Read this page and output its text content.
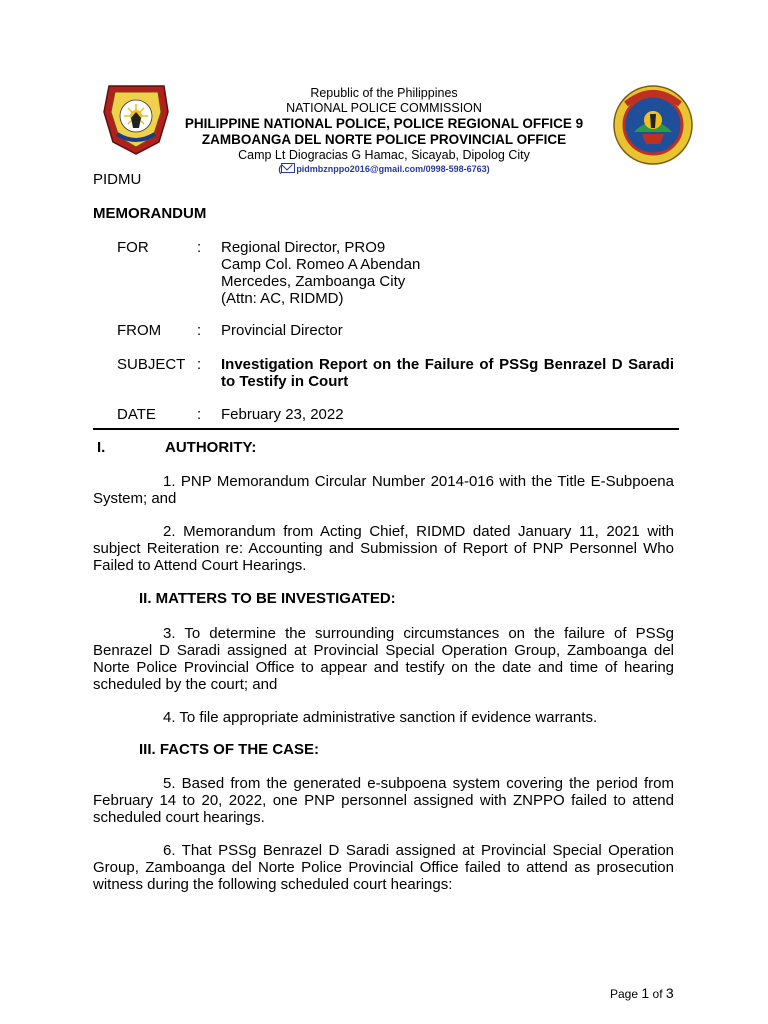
Republic of the Philippines
NATIONAL POLICE COMMISSION
PHILIPPINE NATIONAL POLICE, POLICE REGIONAL OFFICE 9
ZAMBOANGA DEL NORTE POLICE PROVINCIAL OFFICE
Camp Lt Diogracias G Hamac, Sicayab, Dipolog City
( pidmbznppo2016@gmail.com/0998-598-6763)
PIDMU
MEMORANDUM
FOR	: Regional Director, PRO9
Camp Col. Romeo A Abendan
Mercedes, Zamboanga City
(Attn: AC, RIDMD)
FROM : Provincial Director
SUBJECT : Investigation Report on the Failure of PSSg Benrazel D Saradi to Testify in Court
DATE	: February 23, 2022
I.	AUTHORITY:
1. PNP Memorandum Circular Number 2014-016 with the Title E-Subpoena System; and
2. Memorandum from Acting Chief, RIDMD dated January 11, 2021 with subject Reiteration re: Accounting and Submission of Report of PNP Personnel Who Failed to Attend Court Hearings.
II. MATTERS TO BE INVESTIGATED:
3. To determine the surrounding circumstances on the failure of PSSg Benrazel D Saradi assigned at Provincial Special Operation Group, Zamboanga del Norte Police Provincial Office to appear and testify on the date and time of hearing scheduled by the court; and
4. To file appropriate administrative sanction if evidence warrants.
III. FACTS OF THE CASE:
5. Based from the generated e-subpoena system covering the period from February 14 to 20, 2022, one PNP personnel assigned with ZNPPO failed to attend scheduled court hearings.
6. That PSSg Benrazel D Saradi assigned at Provincial Special Operation Group, Zamboanga del Norte Police Provincial Office failed to attend as prosecution witness during the following scheduled court hearings:
Page 1 of 3
